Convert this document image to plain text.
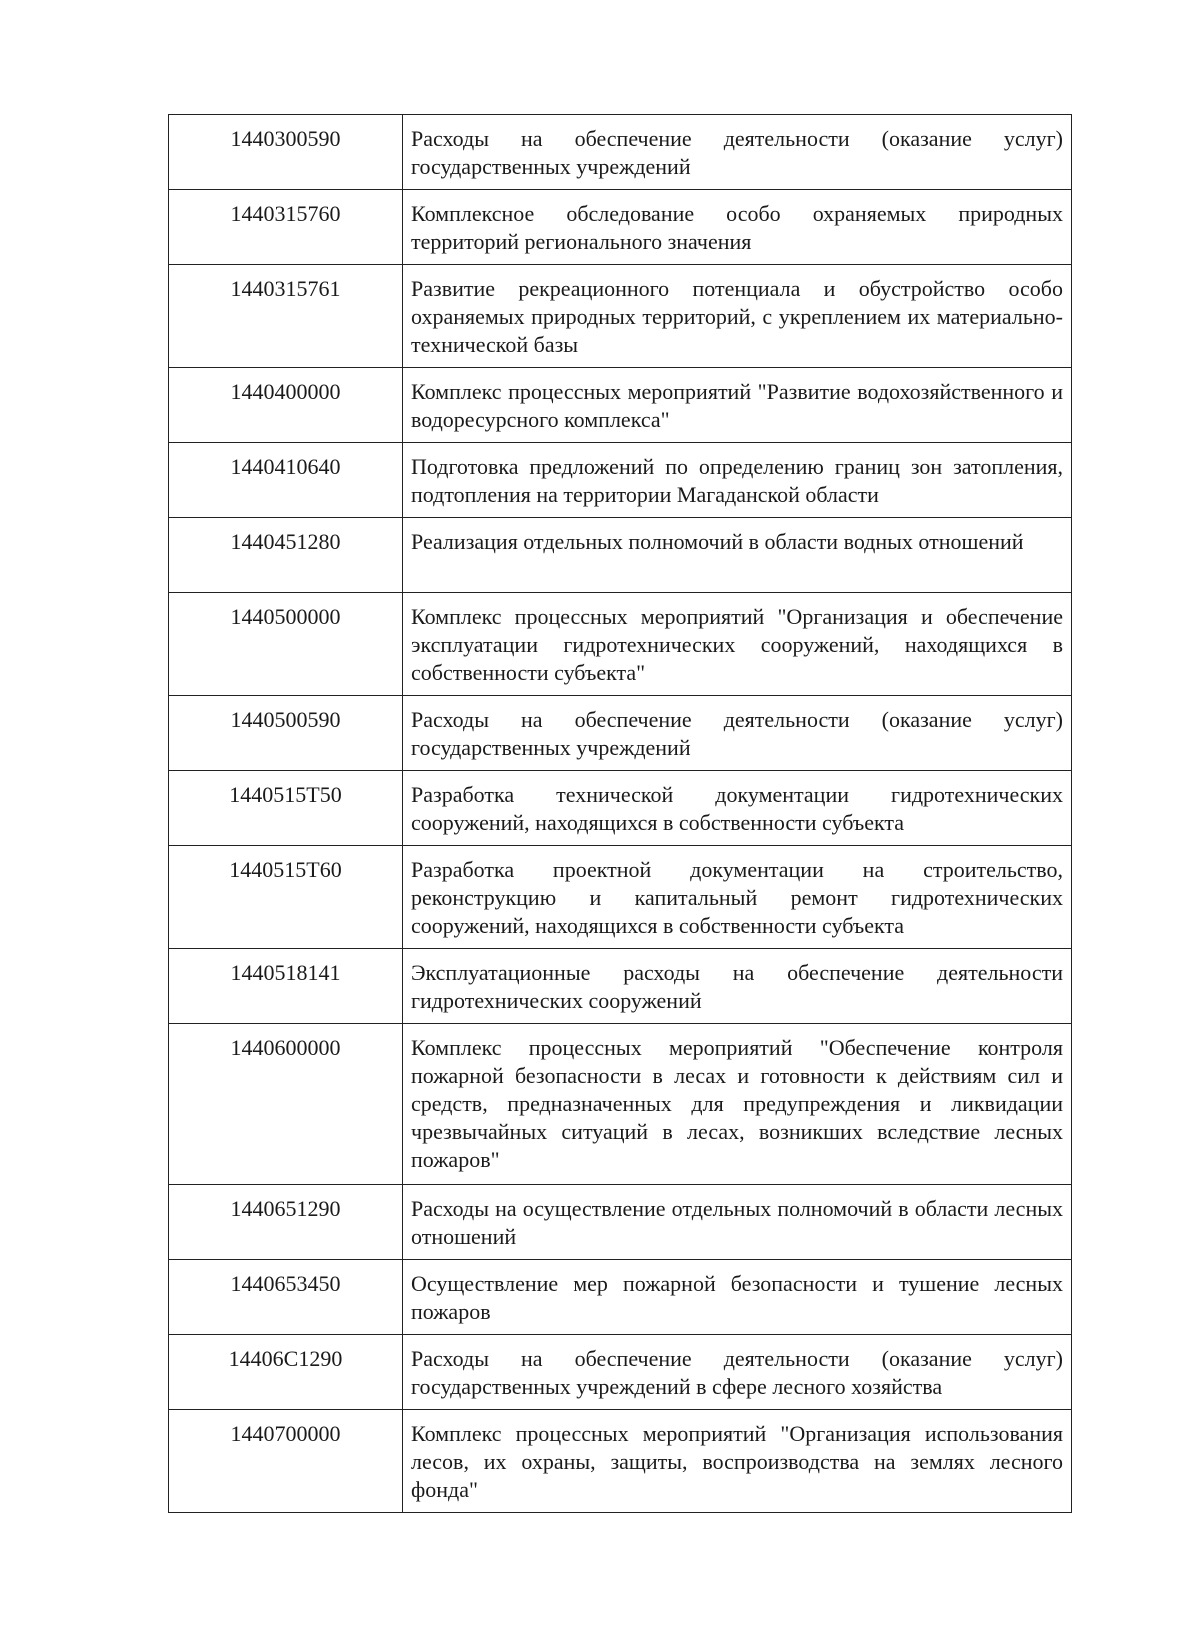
1440300590	Расходы на обеспечение деятельности (оказание услуг) государственных учреждений
1440315760	Комплексное обследование особо охраняемых природных территорий регионального значения
1440315761	Развитие рекреационного потенциала и обустройство особо охраняемых природных территорий, с укреплением их материально-технической базы
1440400000	Комплекс процессных мероприятий "Развитие водохозяйственного и водоресурсного комплекса"
1440410640	Подготовка предложений по определению границ зон затопления, подтопления на территории Магаданской области
1440451280	Реализация отдельных полномочий в области водных отношений
1440500000	Комплекс процессных мероприятий "Организация и обеспечение эксплуатации гидротехнических сооружений, находящихся в собственности субъекта"
1440500590	Расходы на обеспечение деятельности (оказание услуг) государственных учреждений
1440515Т50	Разработка технической документации гидротехнических сооружений, находящихся в собственности субъекта
1440515Т60	Разработка проектной документации на строительство, реконструкцию и капитальный ремонт гидротехнических сооружений, находящихся в собственности субъекта
1440518141	Эксплуатационные расходы на обеспечение деятельности гидротехнических сооружений
1440600000	Комплекс процессных мероприятий "Обеспечение контроля пожарной безопасности в лесах и готовности к действиям сил и средств, предназначенных для предупреждения и ликвидации чрезвычайных ситуаций в лесах, возникших вследствие лесных пожаров"
1440651290	Расходы на осуществление отдельных полномочий в области лесных отношений
1440653450	Осуществление мер пожарной безопасности и тушение лесных пожаров
14406С1290	Расходы на обеспечение деятельности (оказание услуг) государственных учреждений в сфере лесного хозяйства
1440700000	Комплекс процессных мероприятий "Организация использования лесов, их охраны, защиты, воспроизводства на землях лесного фонда"
